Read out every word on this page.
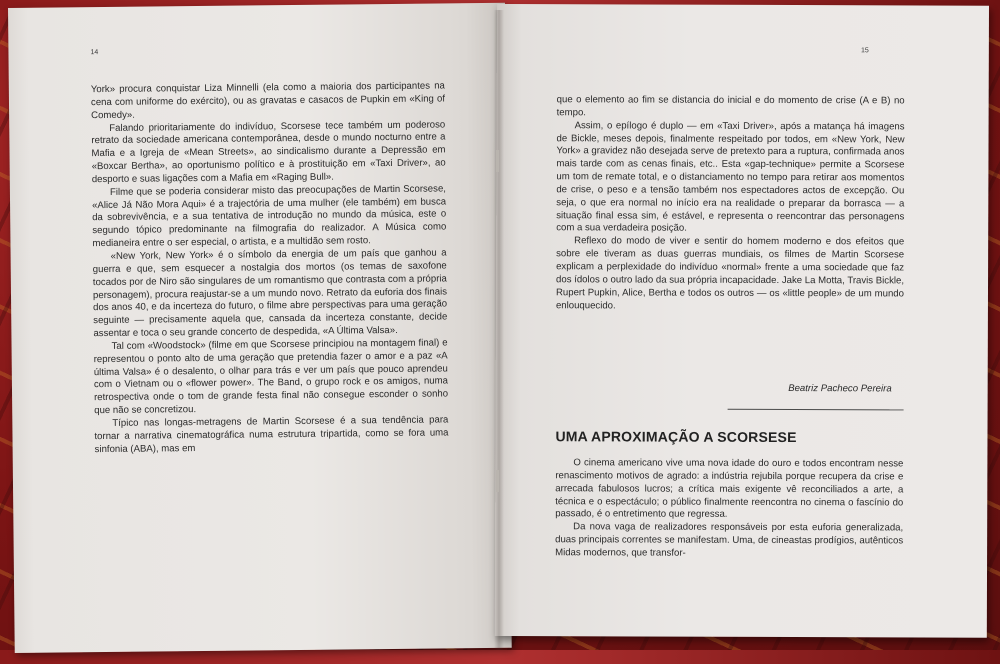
14

York» procura conquistar Liza Minnelli (ela como a maioria dos participantes na cena com uniforme do exército), ou as gravatas e casacos de Pupkin em «King of Comedy».

Falando prioritariamente do indivíduo, Scorsese tece também um poderoso retrato da sociedade americana contemporânea, desde o mundo nocturno entre a Mafia e a Igreja de «Mean Streets», ao sindicalismo durante a Depressão em «Boxcar Bertha», ao oportunismo político e à prostituição em «Taxi Driver», ao desporto e suas ligações com a Mafia em «Raging Bull».

Filme que se poderia considerar misto das preocupações de Martin Scorsese, «Alice Já Não Mora Aqui» é a trajectória de uma mulher (ele também) em busca da sobrevivência, e a sua tentativa de introdução no mundo da música, este o segundo tópico predominante na filmografia do realizador. A Música como medianeira entre o ser especial, o artista, e a multidão sem rosto.

«New York, New York» é o símbolo da energia de um país que ganhou a guerra e que, sem esquecer a nostalgia dos mortos (os temas de saxofone tocados por de Niro são singulares de um romantismo que contrasta com a própria personagem), procura reajustar-se a um mundo novo. Retrato da euforia dos finais dos anos 40, e da incerteza do futuro, o filme abre perspectivas para uma geração seguinte — precisamente aquela que, cansada da incerteza constante, decide assentar e toca o seu grande concerto de despedida, «A Última Valsa».

Tal com «Woodstock» (filme em que Scorsese principiou na montagem final) e representou o ponto alto de uma geração que pretendia fazer o amor e a paz «A última Valsa» é o desalento, o olhar para trás e ver um país que pouco aprendeu com o Vietnam ou o «flower power». The Band, o grupo rock e os amigos, numa retrospectiva onde o tom de grande festa final não consegue esconder o sonho que não se concretizou.

Típico nas longas-metragens de Martin Scorsese é a sua tendência para tornar a narrativa cinematográfica numa estrutura tripartida, como se fora uma sinfonia (ABA), mas em

15

que o elemento ao fim se distancia do inicial e do momento de crise (A e B) no tempo.

Assim, o epílogo é duplo — em «Taxi Driver», após a matança há imagens de Bickle, meses depois, finalmente respeitado por todos, em «New York, New York» a gravidez não desejada serve de pretexto para a ruptura, confirmada anos mais tarde com as cenas finais, etc.. Esta «gap-technique» permite a Scorsese um tom de remate total, e o distanciamento no tempo para retirar aos momentos de crise, o peso e a tensão também nos espectadores actos de excepção. Ou seja, o que era normal no início era na realidade o preparar da borrasca — a situação final essa sim, é estável, e representa o reencontrar das personagens com a sua verdadeira posição.

Reflexo do modo de viver e sentir do homem moderno e dos efeitos que sobre ele tiveram as duas guerras mundiais, os filmes de Martin Scorsese explicam a perplexidade do indivíduo «normal» frente a uma sociedade que faz dos ídolos o outro lado da sua própria incapacidade. Jake La Motta, Travis Bickle, Rupert Pupkin, Alice, Bertha e todos os outros — os «little people» de um mundo enlouquecido.

Beatriz Pacheco Pereira
UMA APROXIMAÇÃO A SCORSESE

O cinema americano vive uma nova idade do ouro e todos encontram nesse renascimento motivos de agrado: a indústria rejubila porque recupera da crise e arrecada fabulosos lucros; a crítica mais exigente vê reconciliados a arte, a técnica e o espectáculo; o público finalmente reencontra no cinema o fascínio do passado, é o entretimento que regressa.

Da nova vaga de realizadores responsáveis por esta euforia generalizada, duas principais correntes se manifestam. Uma, de cineastas prodígios, autênticos Midas modernos, que transfor-
